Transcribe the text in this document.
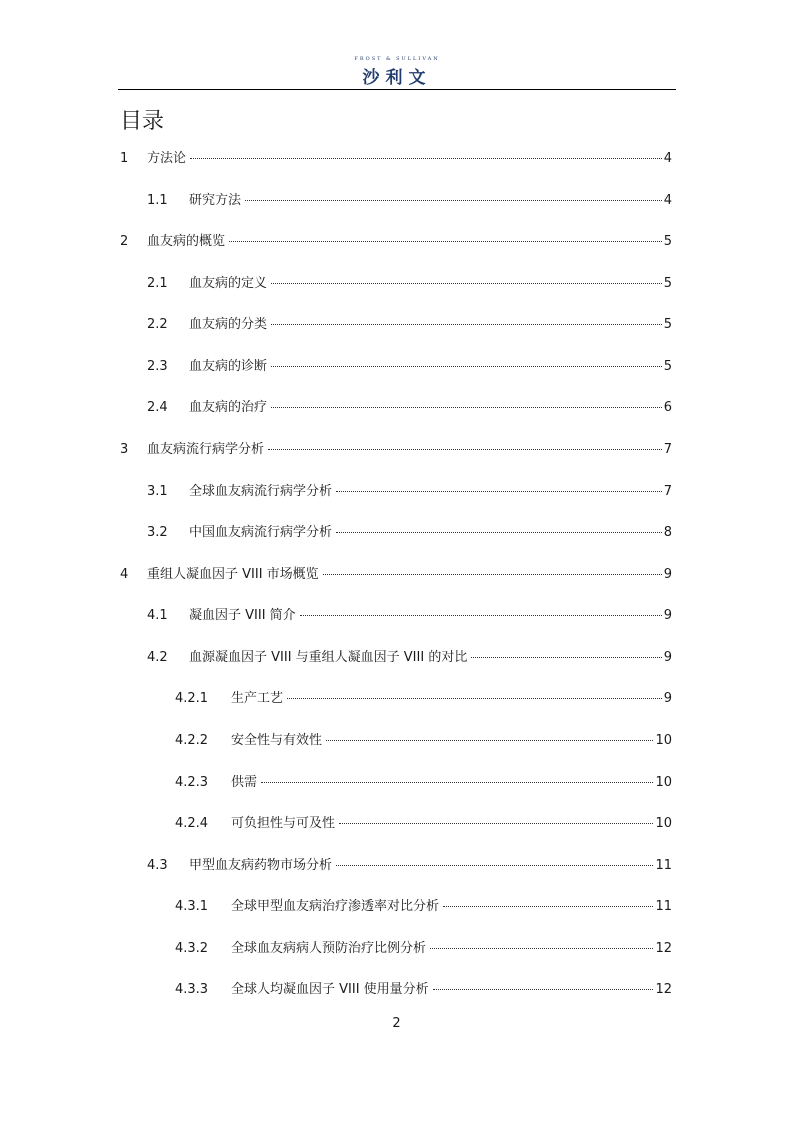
FROST & SULLIVAN
沙利文
目录
1	方法论	4
1.1	研究方法	4
2	血友病的概览	5
2.1	血友病的定义	5
2.2	血友病的分类	5
2.3	血友病的诊断	5
2.4	血友病的治疗	6
3	血友病流行病学分析	7
3.1	全球血友病流行病学分析	7
3.2	中国血友病流行病学分析	8
4	重组人凝血因子 VIII 市场概览	9
4.1	凝血因子 VIII 简介	9
4.2	血源凝血因子 VIII 与重组人凝血因子 VIII 的对比	9
4.2.1	生产工艺	9
4.2.2	安全性与有效性	10
4.2.3	供需	10
4.2.4	可负担性与可及性	10
4.3	甲型血友病药物市场分析	11
4.3.1	全球甲型血友病治疗渗透率对比分析	11
4.3.2	全球血友病病人预防治疗比例分析	12
4.3.3	全球人均凝血因子 VIII 使用量分析	12
2
